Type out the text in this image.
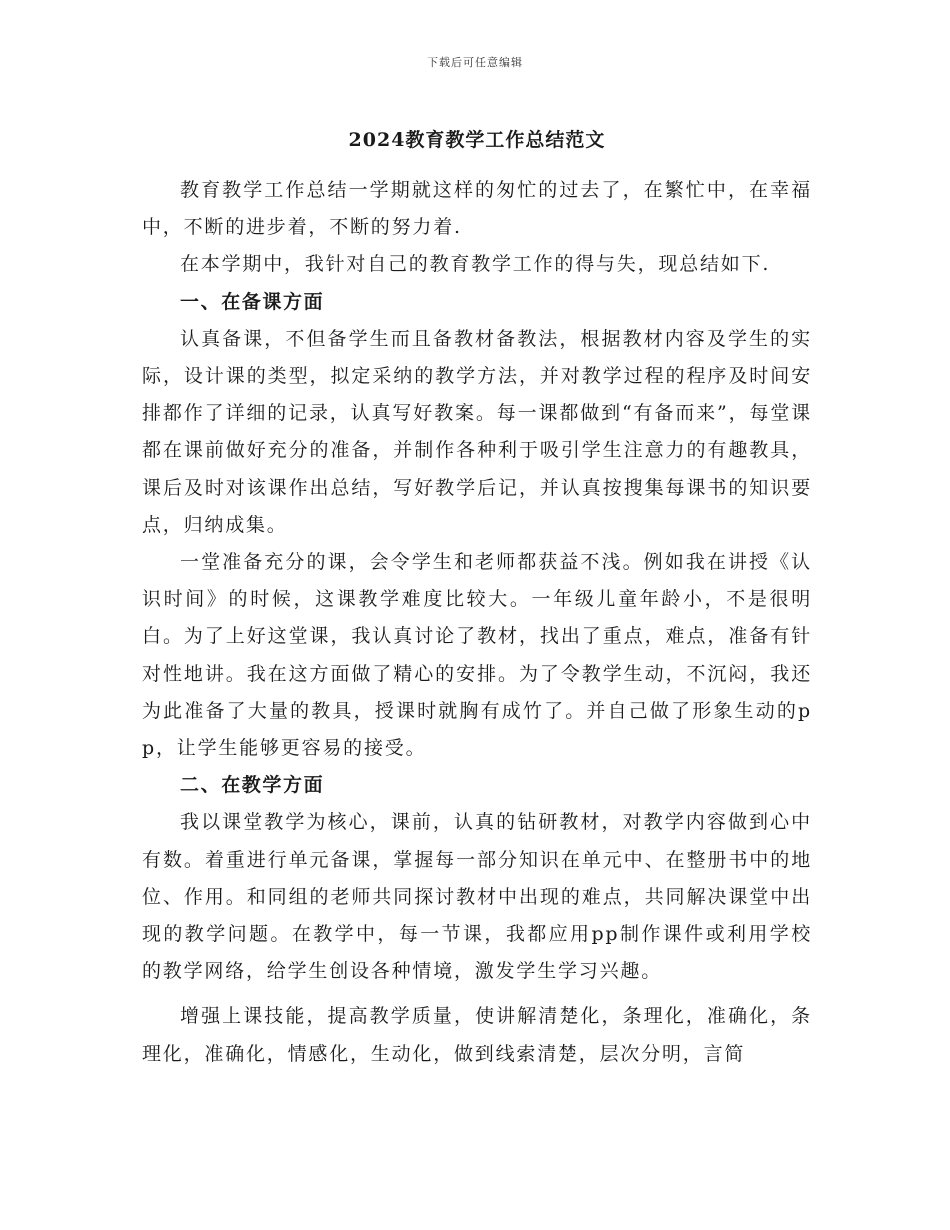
下载后可任意编辑
2024教育教学工作总结范文

教育教学工作总结一学期就这样的匆忙的过去了，在繁忙中，在幸福中，不断的进步着，不断的努力着.

在本学期中，我针对自己的教育教学工作的得与失，现总结如下.

一、在备课方面

认真备课，不但备学生而且备教材备教法，根据教材内容及学生的实际，设计课的类型，拟定采纳的教学方法，并对教学过程的程序及时间安排都作了详细的记录，认真写好教案。每一课都做到“有备而来”，每堂课都在课前做好充分的准备，并制作各种利于吸引学生注意力的有趣教具，课后及时对该课作出总结，写好教学后记，并认真按搜集每课书的知识要点，归纳成集。

一堂准备充分的课，会令学生和老师都获益不浅。例如我在讲授《认识时间》的时候，这课教学难度比较大。一年级儿童年龄小，不是很明白。为了上好这堂课，我认真讨论了教材，找出了重点，难点，准备有针对性地讲。我在这方面做了精心的安排。为了令教学生动，不沉闷，我还为此准备了大量的教具，授课时就胸有成竹了。并自己做了形象生动的pp，让学生能够更容易的接受。

二、在教学方面

我以课堂教学为核心，课前，认真的钻研教材，对教学内容做到心中有数。着重进行单元备课，掌握每一部分知识在单元中、在整册书中的地位、作用。和同组的老师共同探讨教材中出现的难点，共同解决课堂中出现的教学问题。在教学中，每一节课，我都应用pp制作课件或利用学校的教学网络，给学生创设各种情境，激发学生学习兴趣。

增强上课技能，提高教学质量，使讲解清楚化，条理化，准确化，条理化，准确化，情感化，生动化，做到线索清楚，层次分明，言简
